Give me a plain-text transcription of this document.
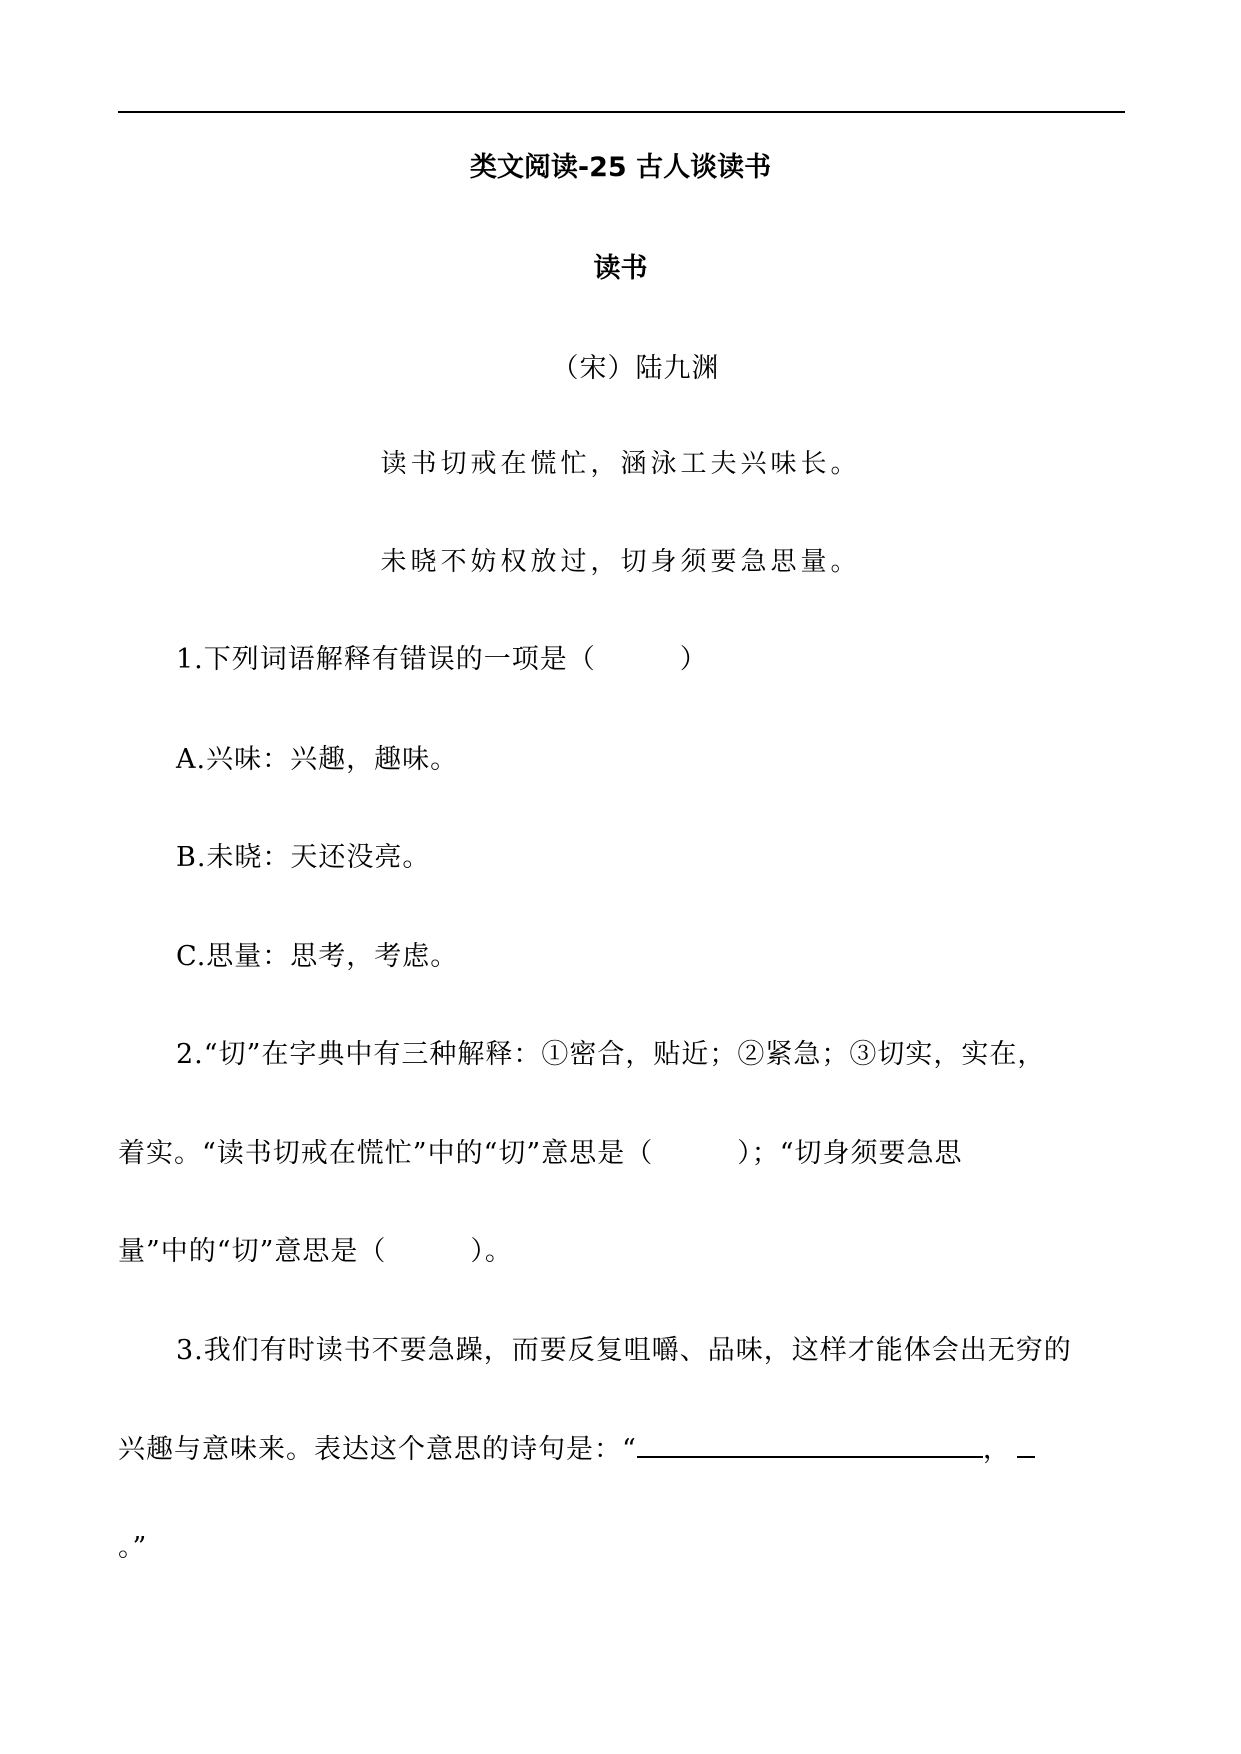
类文阅读-25 古人谈读书
读书
（宋）陆九渊
读书切戒在慌忙，涵泳工夫兴味长。
未晓不妨权放过，切身须要急思量。
1.下列词语解释有错误的一项是（　　　）
A.兴味：兴趣，趣味。
B.未晓：天还没亮。
C.思量：思考，考虑。
2.“切”在字典中有三种解释：①密合，贴近；②紧急；③切实，实在，
着实。“读书切戒在慌忙”中的“切”意思是（　　　）；“切身须要急思
量”中的“切”意思是（　　　）。
3.我们有时读书不要急躁，而要反复咀嚼、品味，这样才能体会出无穷的
兴趣与意味来。表达这个意思的诗句是：“	，
。”
